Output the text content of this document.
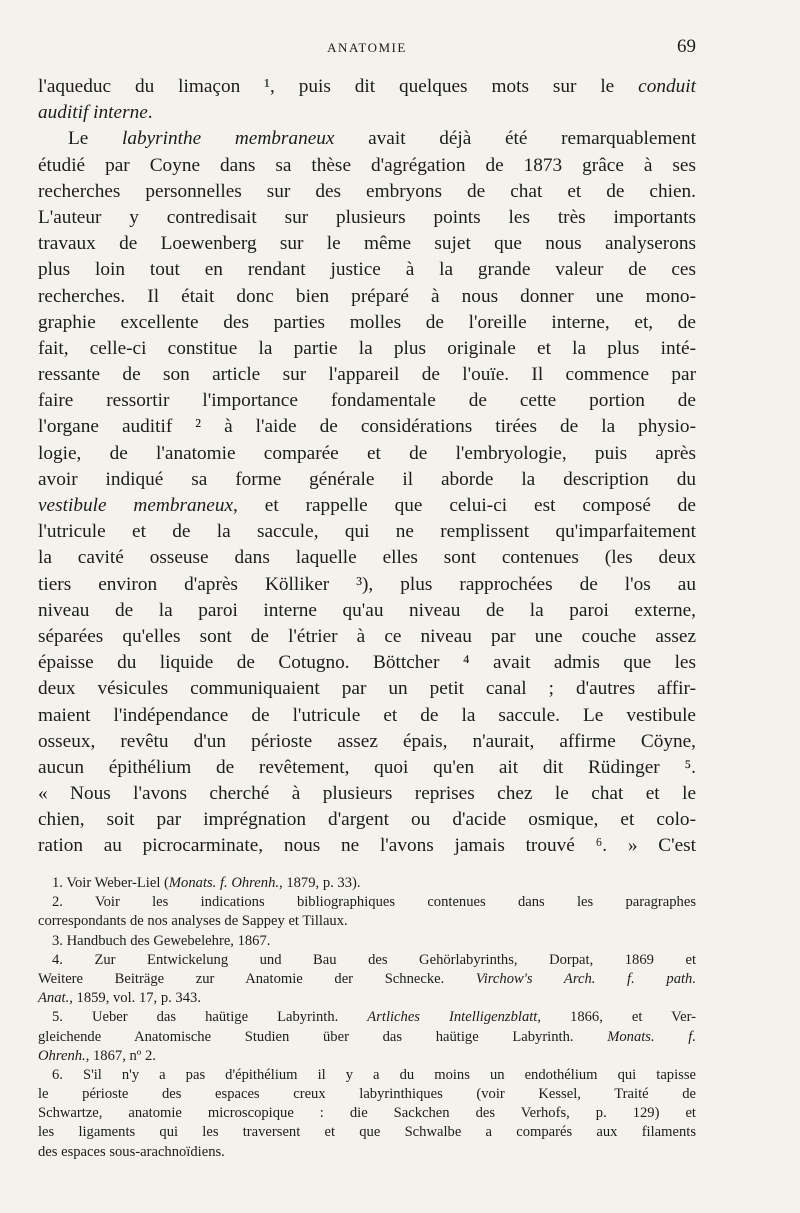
ANATOMIE	69
l'aqueduc du limaçon ¹, puis dit quelques mots sur le conduit
auditif interne.
Le labyrinthe membraneux avait déjà été remarquablement
étudié par Coyne dans sa thèse d'agrégation de 1873 grâce à ses
recherches personnelles sur des embryons de chat et de chien.
L'auteur y contredisait sur plusieurs points les très importants
travaux de Loewenberg sur le même sujet que nous analyserons
plus loin tout en rendant justice à la grande valeur de ces
recherches. Il était donc bien préparé à nous donner une mono-
graphie excellente des parties molles de l'oreille interne, et, de
fait, celle-ci constitue la partie la plus originale et la plus inté-
ressante de son article sur l'appareil de l'ouïe. Il commence par
faire ressortir l'importance fondamentale de cette portion de
l'organe auditif ² à l'aide de considérations tirées de la physio-
logie, de l'anatomie comparée et de l'embryologie, puis après
avoir indiqué sa forme générale il aborde la description du
vestibule membraneux, et rappelle que celui-ci est composé de
l'utricule et de la saccule, qui ne remplissent qu'imparfaitement
la cavité osseuse dans laquelle elles sont contenues (les deux
tiers environ d'après Kölliker ³), plus rapprochées de l'os au
niveau de la paroi interne qu'au niveau de la paroi externe,
séparées qu'elles sont de l'étrier à ce niveau par une couche assez
épaisse du liquide de Cotugno. Böttcher ⁴ avait admis que les
deux vésicules communiquaient par un petit canal ; d'autres affir-
maient l'indépendance de l'utricule et de la saccule. Le vestibule
osseux, revêtu d'un périoste assez épais, n'aurait, affirme Cöyne,
aucun épithélium de revêtement, quoi qu'en ait dit Rüdinger ⁵.
« Nous l'avons cherché à plusieurs reprises chez le chat et le
chien, soit par imprégnation d'argent ou d'acide osmique, et colo-
ration au picrocarminate, nous ne l'avons jamais trouvé ⁶. » C'est
1. Voir Weber-Liel (Monats. f. Ohrenh., 1879, p. 33).
2. Voir les indications bibliographiques contenues dans les paragraphes
correspondants de nos analyses de Sappey et Tillaux.
3. Handbuch des Gewebelehre, 1867.
4. Zur Entwickelung und Bau des Gehörlabyrinths, Dorpat, 1869 et
Weitere Beiträge zur Anatomie der Schnecke. Virchow's Arch. f. path.
Anat., 1859, vol. 17, p. 343.
5. Ueber das haütige Labyrinth. Artliches Intelligenzblatt, 1866, et Ver-
gleichende Anatomische Studien über das haütige Labyrinth. Monats. f.
Ohrenh., 1867, nº 2.
6. S'il n'y a pas d'épithélium il y a du moins un endothélium qui tapisse
le périoste des espaces creux labyrinthiques (voir Kessel, Traité de
Schwartze, anatomie microscopique : die Sackchen des Verhofs, p. 129) et
les ligaments qui les traversent et que Schwalbe a comparés aux filaments
des espaces sous-arachnoïdiens.
